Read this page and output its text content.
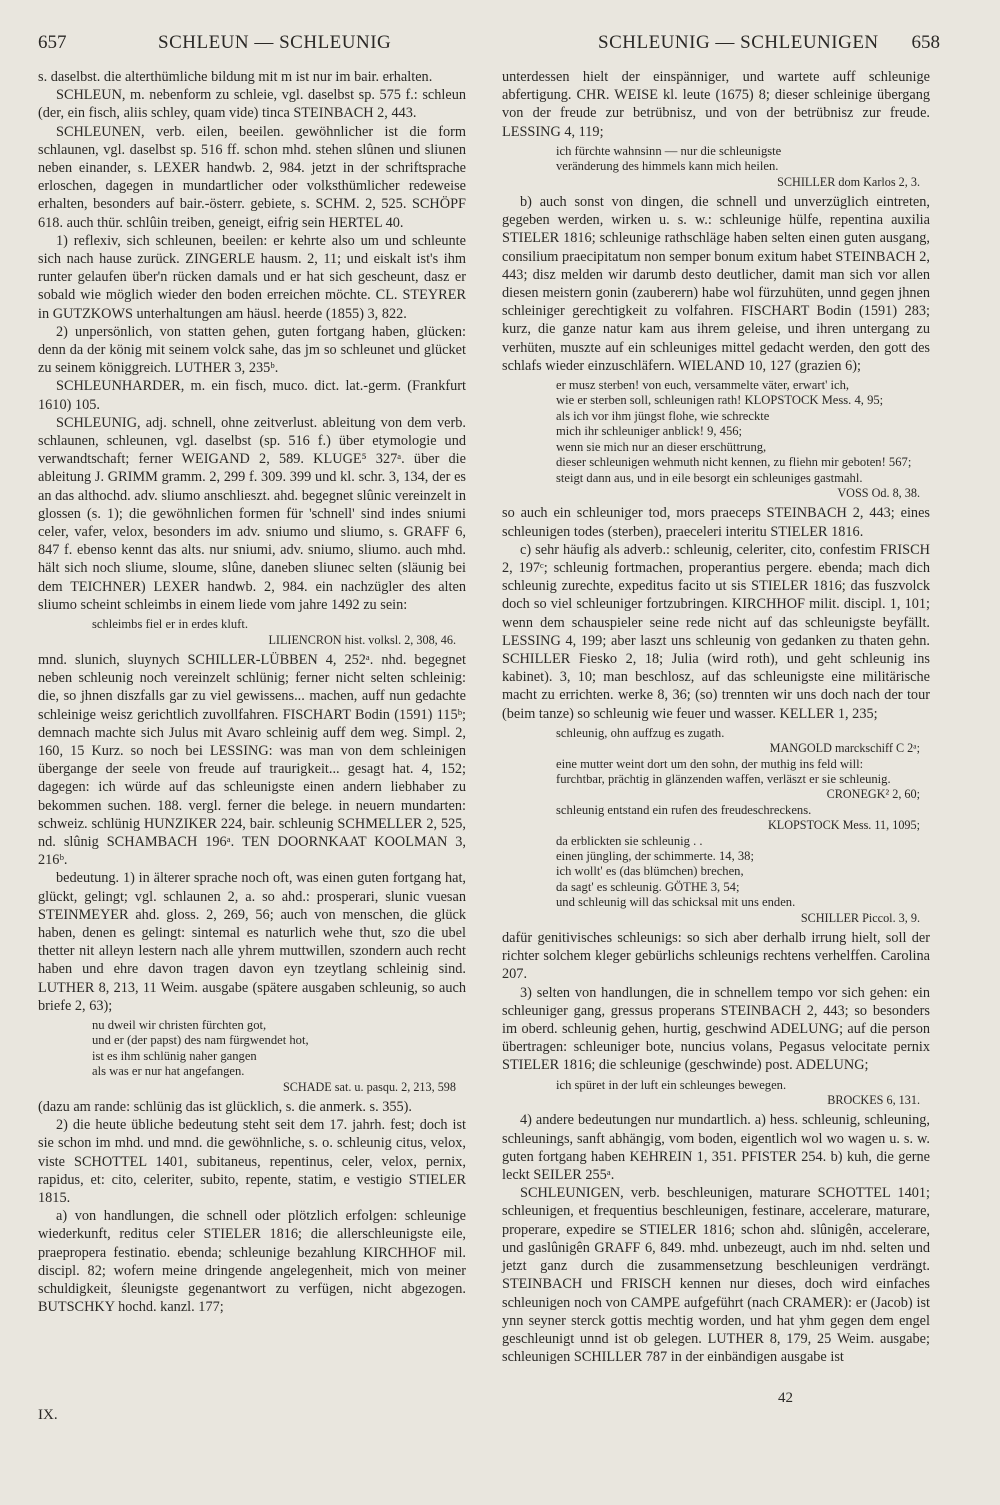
657	SCHLEUN — SCHLEUNIG	SCHLEUNIG — SCHLEUNIGEN 658

s. daselbst. die alterthümliche bildung mit m ist nur im bair. erhalten.

SCHLEUN, m. nebenform zu schleie, vgl. daselbst sp. 575 f.: schleun (der, ein fisch, aliis schley, quam vide) tinca STEINBACH 2, 443.

SCHLEUNEN, verb. eilen, beeilen. gewöhnlicher ist die form schlaunen, vgl. daselbst sp. 516 ff. schon mhd. stehen slûnen und sliunen neben einander, s. LEXER handwb. 2, 984. jetzt in der schriftsprache erloschen, dagegen in mundartlicher oder volksthümlicher redeweise erhalten, besonders auf bair.-österr. gebiete, s. SCHM. 2, 525. SCHÖPF 618. auch thür. schlûin treiben, geneigt, eifrig sein HERTEL 40.

1) reflexiv, sich schleunen, beeilen: er kehrte also um und schleunte sich nach hause zurück. ZINGERLE hausm. 2, 11; und eiskalt ist's ihm runter gelaufen über'n rücken damals und er hat sich gescheunt, dasz er sobald wie möglich wieder den boden erreichen möchte. CL. STEYRER in GUTZKOWS unterhaltungen am häusl. heerde (1855) 3, 822.

2) unpersönlich, von statten gehen, guten fortgang haben, glücken: denn da der könig mit seinem volck sahe, das jm so schleunet und glücket zu seinem königgreich. LUTHER 3, 235ᵇ.

SCHLEUNHARDER, m. ein fisch, muco. dict. lat.-germ. (Frankfurt 1610) 105.

SCHLEUNIG, adj. schnell, ohne zeitverlust. ableitung von dem verb. schlaunen, schleunen, vgl. daselbst (sp. 516 f.) über etymologie und verwandtschaft; ferner WEIGAND 2, 589. KLUGE⁵ 327ᵃ. über die ableitung J. GRIMM gramm. 2, 299 f. 309. 399 und kl. schr. 3, 134, der es an das althochd. adv. sliumo anschlieszt. ahd. begegnet slûnic vereinzelt in glossen (s. 1); die gewöhnlichen formen für 'schnell' sind indes sniumi celer, vafer, velox, besonders im adv. sniumo und sliumo, s. GRAFF 6, 847 f. ebenso kennt das alts. nur sniumi, adv. sniumo, sliumo. auch mhd. hält sich noch sliume, sloume, slûne, daneben sliunec selten (släunig bei dem TEICHNER) LEXER handwb. 2, 984. ein nachzügler des alten sliumo scheint schleimbs in einem liede vom jahre 1492 zu sein:

schleimbs fiel er in erdes kluft.
LILIENCRON hist. volksl. 2, 308, 46.

mnd. slunich, sluynych SCHILLER-LÜBBEN 4, 252ᵃ. nhd. begegnet neben schleunig noch vereinzelt schlünig; ferner nicht selten schleinig: die, so jhnen diszfalls gar zu viel gewissens... machen, auff nun gedachte schleinige weisz gerichtlich zuvollfahren. FISCHART Bodin (1591) 115ᵇ; demnach machte sich Julus mit Avaro schleinig auff dem weg. Simpl. 2, 160, 15 Kurz. so noch bei LESSING: was man von dem schleinigen übergange der seele von freude auf traurigkeit... gesagt hat. 4, 152; dagegen: ich würde auf das schleunigste einen andern liebhaber zu bekommen suchen. 188. vergl. ferner die belege. in neuern mundarten: schweiz. schlünig HUNZIKER 224, bair. schleunig SCHMELLER 2, 525, nd. slûnig SCHAMBACH 196ᵃ. TEN DOORNKAAT KOOLMAN 3, 216ᵇ.

bedeutung. 1) in älterer sprache noch oft, was einen guten fortgang hat, glückt, gelingt; vgl. schlaunen 2, a. so ahd.: prosperari, slunic vuesan STEINMEYER ahd. gloss. 2, 269, 56; auch von menschen, die glück haben, denen es gelingt: sintemal es naturlich wehe thut, szo die ubel thetter nit alleyn lestern nach alle yhrem muttwillen, szondern auch recht haben und ehre davon tragen davon eyn tzeytlang schleinig sind. LUTHER 8, 213, 11 Weim. ausgabe (spätere ausgaben schleunig, so auch briefe 2, 63);

nu dweil wir christen fürchten got,
und er (der papst) des nam fürgwendet hot,
ist es ihm schlünig naher gangen
als was er nur hat angefangen.
SCHADE sat. u. pasqu. 2, 213, 598

(dazu am rande: schlünig das ist glücklich, s. die anmerk. s. 355).

2) die heute übliche bedeutung steht seit dem 17. jahrh. fest; doch ist sie schon im mhd. und mnd. die gewöhnliche, s. o. schleunig citus, velox, viste SCHOTTEL 1401, subitaneus, repentinus, celer, velox, pernix, rapidus, et: cito, celeriter, subito, repente, statim, e vestigio STIELER 1815.

a) von handlungen, die schnell oder plötzlich erfolgen: schleunige wiederkunft, reditus celer STIELER 1816; die allerschleunigste eile, praepropera festinatio. ebenda; schleunige bezahlung KIRCHHOF mil. discipl. 82; wofern meine dringende angelegenheit, mich von meiner schuldigkeit, śleunigste gegenantwort zu verfügen, nicht abgezogen. BUTSCHKY hochd. kanzl. 177;

unterdessen hielt der einspänniger, und wartete auff schleunige abfertigung. CHR. WEISE kl. leute (1675) 8; dieser schleinige übergang von der freude zur betrübnisz, und von der betrübnisz zur freude. LESSING 4, 119;

ich fürchte wahnsinn — nur die schleunigste
veränderung des himmels kann mich heilen.
SCHILLER dom Karlos 2, 3.

b) auch sonst von dingen, die schnell und unverzüglich eintreten, gegeben werden, wirken u. s. w.: schleunige hülfe, repentina auxilia STIELER 1816; schleunige rathschläge haben selten einen guten ausgang, consilium praecipitatum non semper bonum exitum habet STEINBACH 2, 443; disz melden wir darumb desto deutlicher, damit man sich vor allen diesen meistern gonin (zauberern) habe wol fürzuhüten, unnd gegen jhnen schleiniger gerechtigkeit zu volfahren. FISCHART Bodin (1591) 283; kurz, die ganze natur kam aus ihrem geleise, und ihren untergang zu verhüten, muszte auf ein schleuniges mittel gedacht werden, den gott des schlafs wieder einzuschläfern. WIELAND 10, 127 (grazien 6);

er musz sterben! von euch, versammelte väter, erwart' ich,
wie er sterben soll, schleunigen rath! KLOPSTOCK Mess. 4, 95;
als ich vor ihm jüngst flohe, wie schreckte
mich ihr schleuniger anblick! 9, 456;
wenn sie mich nur an dieser erschüttrung,
dieser schleunigen wehmuth nicht kennen, zu fliehn mir geboten! 567;
steigt dann aus, und in eile besorgt ein schleuniges gastmahl.
VOSS Od. 8, 38.

so auch ein schleuniger tod, mors praeceps STEINBACH 2, 443; eines schleunigen todes (sterben), praeceleri interitu STIELER 1816.

c) sehr häufig als adverb.: schleunig, celeriter, cito, confestim FRISCH 2, 197ᶜ; schleunig fortmachen, properantius pergere. ebenda; mach dich schleunig zurechte, expeditus facito ut sis STIELER 1816; das fuszvolck doch so viel schleuniger fortzubringen. KIRCHHOF milit. discipl. 1, 101; wenn dem schauspieler seine rede nicht auf das schleunigste beyfällt. LESSING 4, 199; aber laszt uns schleunig von gedanken zu thaten gehn. SCHILLER Fiesko 2, 18; Julia (wird roth), und geht schleunig ins kabinet). 3, 10; man beschlosz, auf das schleunigste eine militärische macht zu errichten. werke 8, 36; (so) trennten wir uns doch nach der tour (beim tanze) so schleunig wie feuer und wasser. KELLER 1, 235;

schleunig, ohn auffzug es zugath.
MANGOLD marckschiff C 2ᵃ;
eine mutter weint dort um den sohn, der muthig ins feld will:
furchtbar, prächtig in glänzenden waffen, verläszt er sie schleunig.
CRONEGK² 2, 60;
schleunig entstand ein rufen des freudeschreckens.
KLOPSTOCK Mess. 11, 1095;
da erblickten sie schleunig . .
einen jüngling, der schimmerte. 14, 38;
ich wollt' es (das blümchen) brechen,
da sagt' es schleunig. GÖTHE 3, 54;
und schleunig will das schicksal mit uns enden.
SCHILLER Piccol. 3, 9.

dafür genitivisches schleunigs: so sich aber derhalb irrung hielt, soll der richter solchem kleger gebürlichs schleunigs rechtens verhelffen. Carolina 207.

3) selten von handlungen, die in schnellem tempo vor sich gehen: ein schleuniger gang, gressus properans STEINBACH 2, 443; so besonders im oberd. schleunig gehen, hurtig, geschwind ADELUNG; auf die person übertragen: schleuniger bote, nuncius volans, Pegasus velocitate pernix STIELER 1816; die schleunige (geschwinde) post. ADELUNG;

ich spüret in der luft ein schleunges bewegen.
BROCKES 6, 131.

4) andere bedeutungen nur mundartlich. a) hess. schleunig, schleuning, schleunings, sanft abhängig, vom boden, eigentlich wol wo wagen u. s. w. guten fortgang haben KEHREIN 1, 351. PFISTER 254. b) kuh, die gerne leckt SEILER 255ᵃ.

SCHLEUNIGEN, verb. beschleunigen, maturare SCHOTTEL 1401; schleunigen, et frequentius beschleunigen, festinare, accelerare, maturare, properare, expedire se STIELER 1816; schon ahd. slûnigên, accelerare, und gaslûnigên GRAFF 6, 849. mhd. unbezeugt, auch im nhd. selten und jetzt ganz durch die zusammensetzung beschleunigen verdrängt. STEINBACH und FRISCH kennen nur dieses, doch wird einfaches schleunigen noch von CAMPE aufgeführt (nach CRAMER): er (Jacob) ist ynn seyner sterck gottis mechtig worden, und hat yhm gegen dem engel geschleunigt unnd ist ob gelegen. LUTHER 8, 179, 25 Weim. ausgabe; schleunigen SCHILLER 787 in der einbändigen ausgabe ist

IX.
42
